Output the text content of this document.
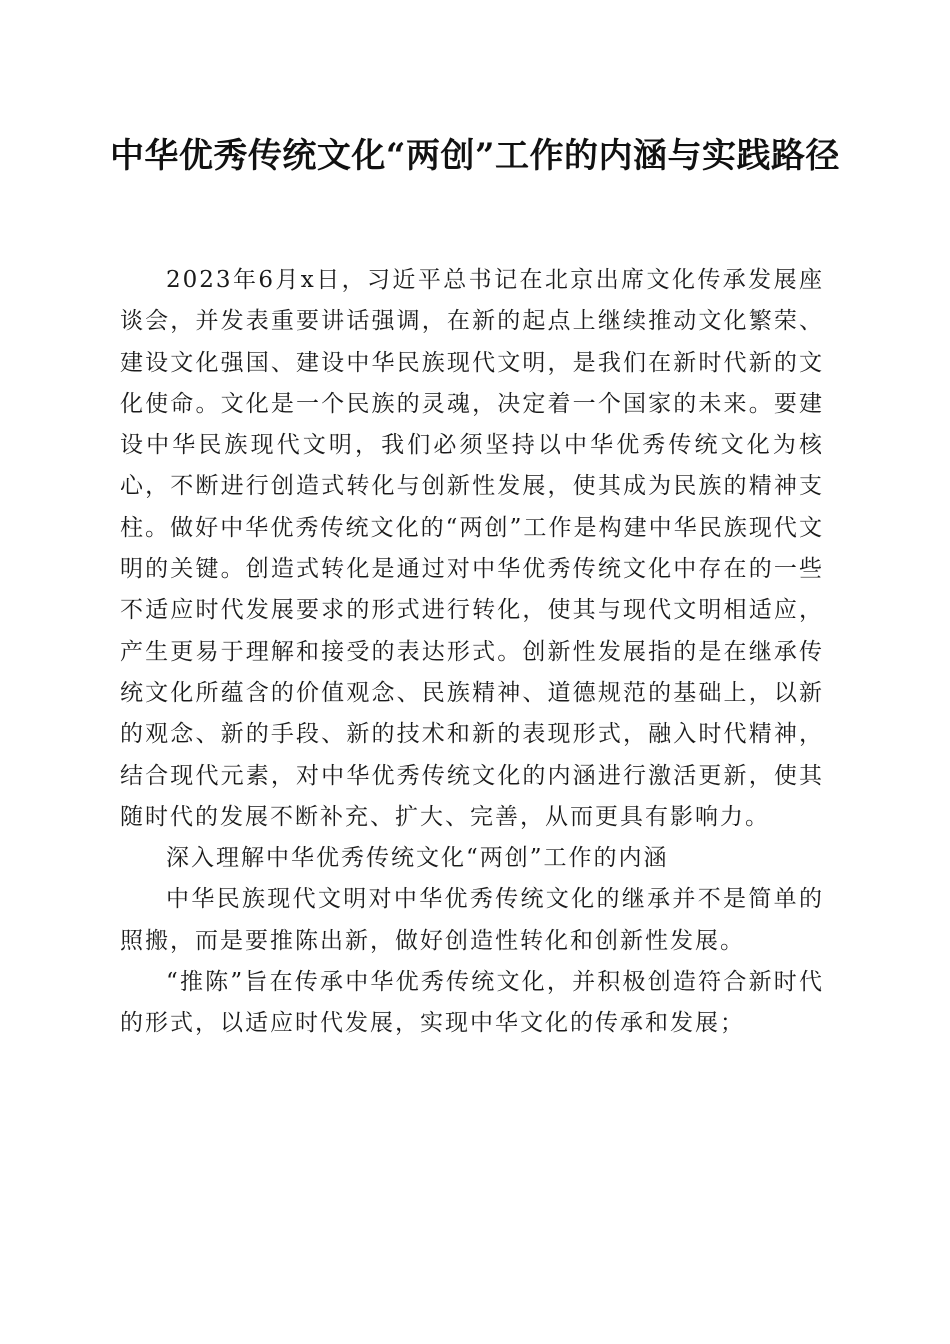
中华优秀传统文化“两创”工作的内涵与实践路径

2023年6月x日，习近平总书记在北京出席文化传承发展座谈会，并发表重要讲话强调，在新的起点上继续推动文化繁荣、建设文化强国、建设中华民族现代文明，是我们在新时代新的文化使命。文化是一个民族的灵魂，决定着一个国家的未来。要建设中华民族现代文明，我们必须坚持以中华优秀传统文化为核心，不断进行创造式转化与创新性发展，使其成为民族的精神支柱。做好中华优秀传统文化的“两创”工作是构建中华民族现代文明的关键。创造式转化是通过对中华优秀传统文化中存在的一些不适应时代发展要求的形式进行转化，使其与现代文明相适应，产生更易于理解和接受的表达形式。创新性发展指的是在继承传统文化所蕴含的价值观念、民族精神、道德规范的基础上，以新的观念、新的手段、新的技术和新的表现形式，融入时代精神，结合现代元素，对中华优秀传统文化的内涵进行激活更新，使其随时代的发展不断补充、扩大、完善，从而更具有影响力。

深入理解中华优秀传统文化“两创”工作的内涵

中华民族现代文明对中华优秀传统文化的继承并不是简单的照搬，而是要推陈出新，做好创造性转化和创新性发展。

“推陈”旨在传承中华优秀传统文化，并积极创造符合新时代的形式，以适应时代发展，实现中华文化的传承和发展；
